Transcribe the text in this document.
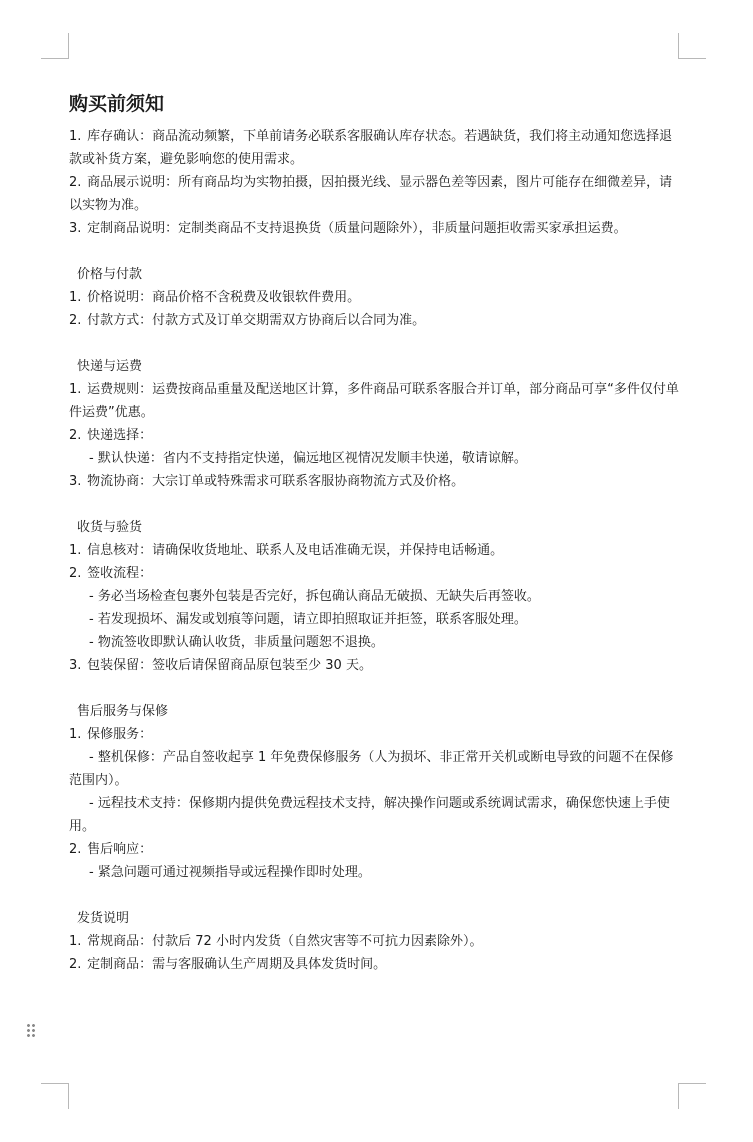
购买前须知

1. 库存确认：商品流动频繁，下单前请务必联系客服确认库存状态。若遇缺货，我们将主动通知您选择退款或补货方案，避免影响您的使用需求。

2. 商品展示说明：所有商品均为实物拍摄，因拍摄光线、显示器色差等因素，图片可能存在细微差异，请以实物为准。

3. 定制商品说明：定制类商品不支持退换货（质量问题除外），非质量问题拒收需买家承担运费。

价格与付款

1. 价格说明：商品价格不含税费及收银软件费用。

2. 付款方式：付款方式及订单交期需双方协商后以合同为准。

快递与运费

1. 运费规则：运费按商品重量及配送地区计算，多件商品可联系客服合并订单，部分商品可享“多件仅付单件运费”优惠。

2. 快递选择：

- 默认快递：省内不支持指定快递，偏远地区视情况发顺丰快递，敬请谅解。

3. 物流协商：大宗订单或特殊需求可联系客服协商物流方式及价格。

收货与验货

1. 信息核对：请确保收货地址、联系人及电话准确无误，并保持电话畅通。

2. 签收流程：

- 务必当场检查包裹外包装是否完好，拆包确认商品无破损、无缺失后再签收。

- 若发现损坏、漏发或划痕等问题，请立即拍照取证并拒签，联系客服处理。

- 物流签收即默认确认收货，非质量问题恕不退换。

3. 包装保留：签收后请保留商品原包装至少 30 天。

售后服务与保修

1. 保修服务：

- 整机保修：产品自签收起享 1 年免费保修服务（人为损坏、非正常开关机或断电导致的问题不在保修范围内）。

- 远程技术支持：保修期内提供免费远程技术支持，解决操作问题或系统调试需求，确保您快速上手使用。

2. 售后响应：

- 紧急问题可通过视频指导或远程操作即时处理。

发货说明

1. 常规商品：付款后 72 小时内发货（自然灾害等不可抗力因素除外）。

2. 定制商品：需与客服确认生产周期及具体发货时间。
